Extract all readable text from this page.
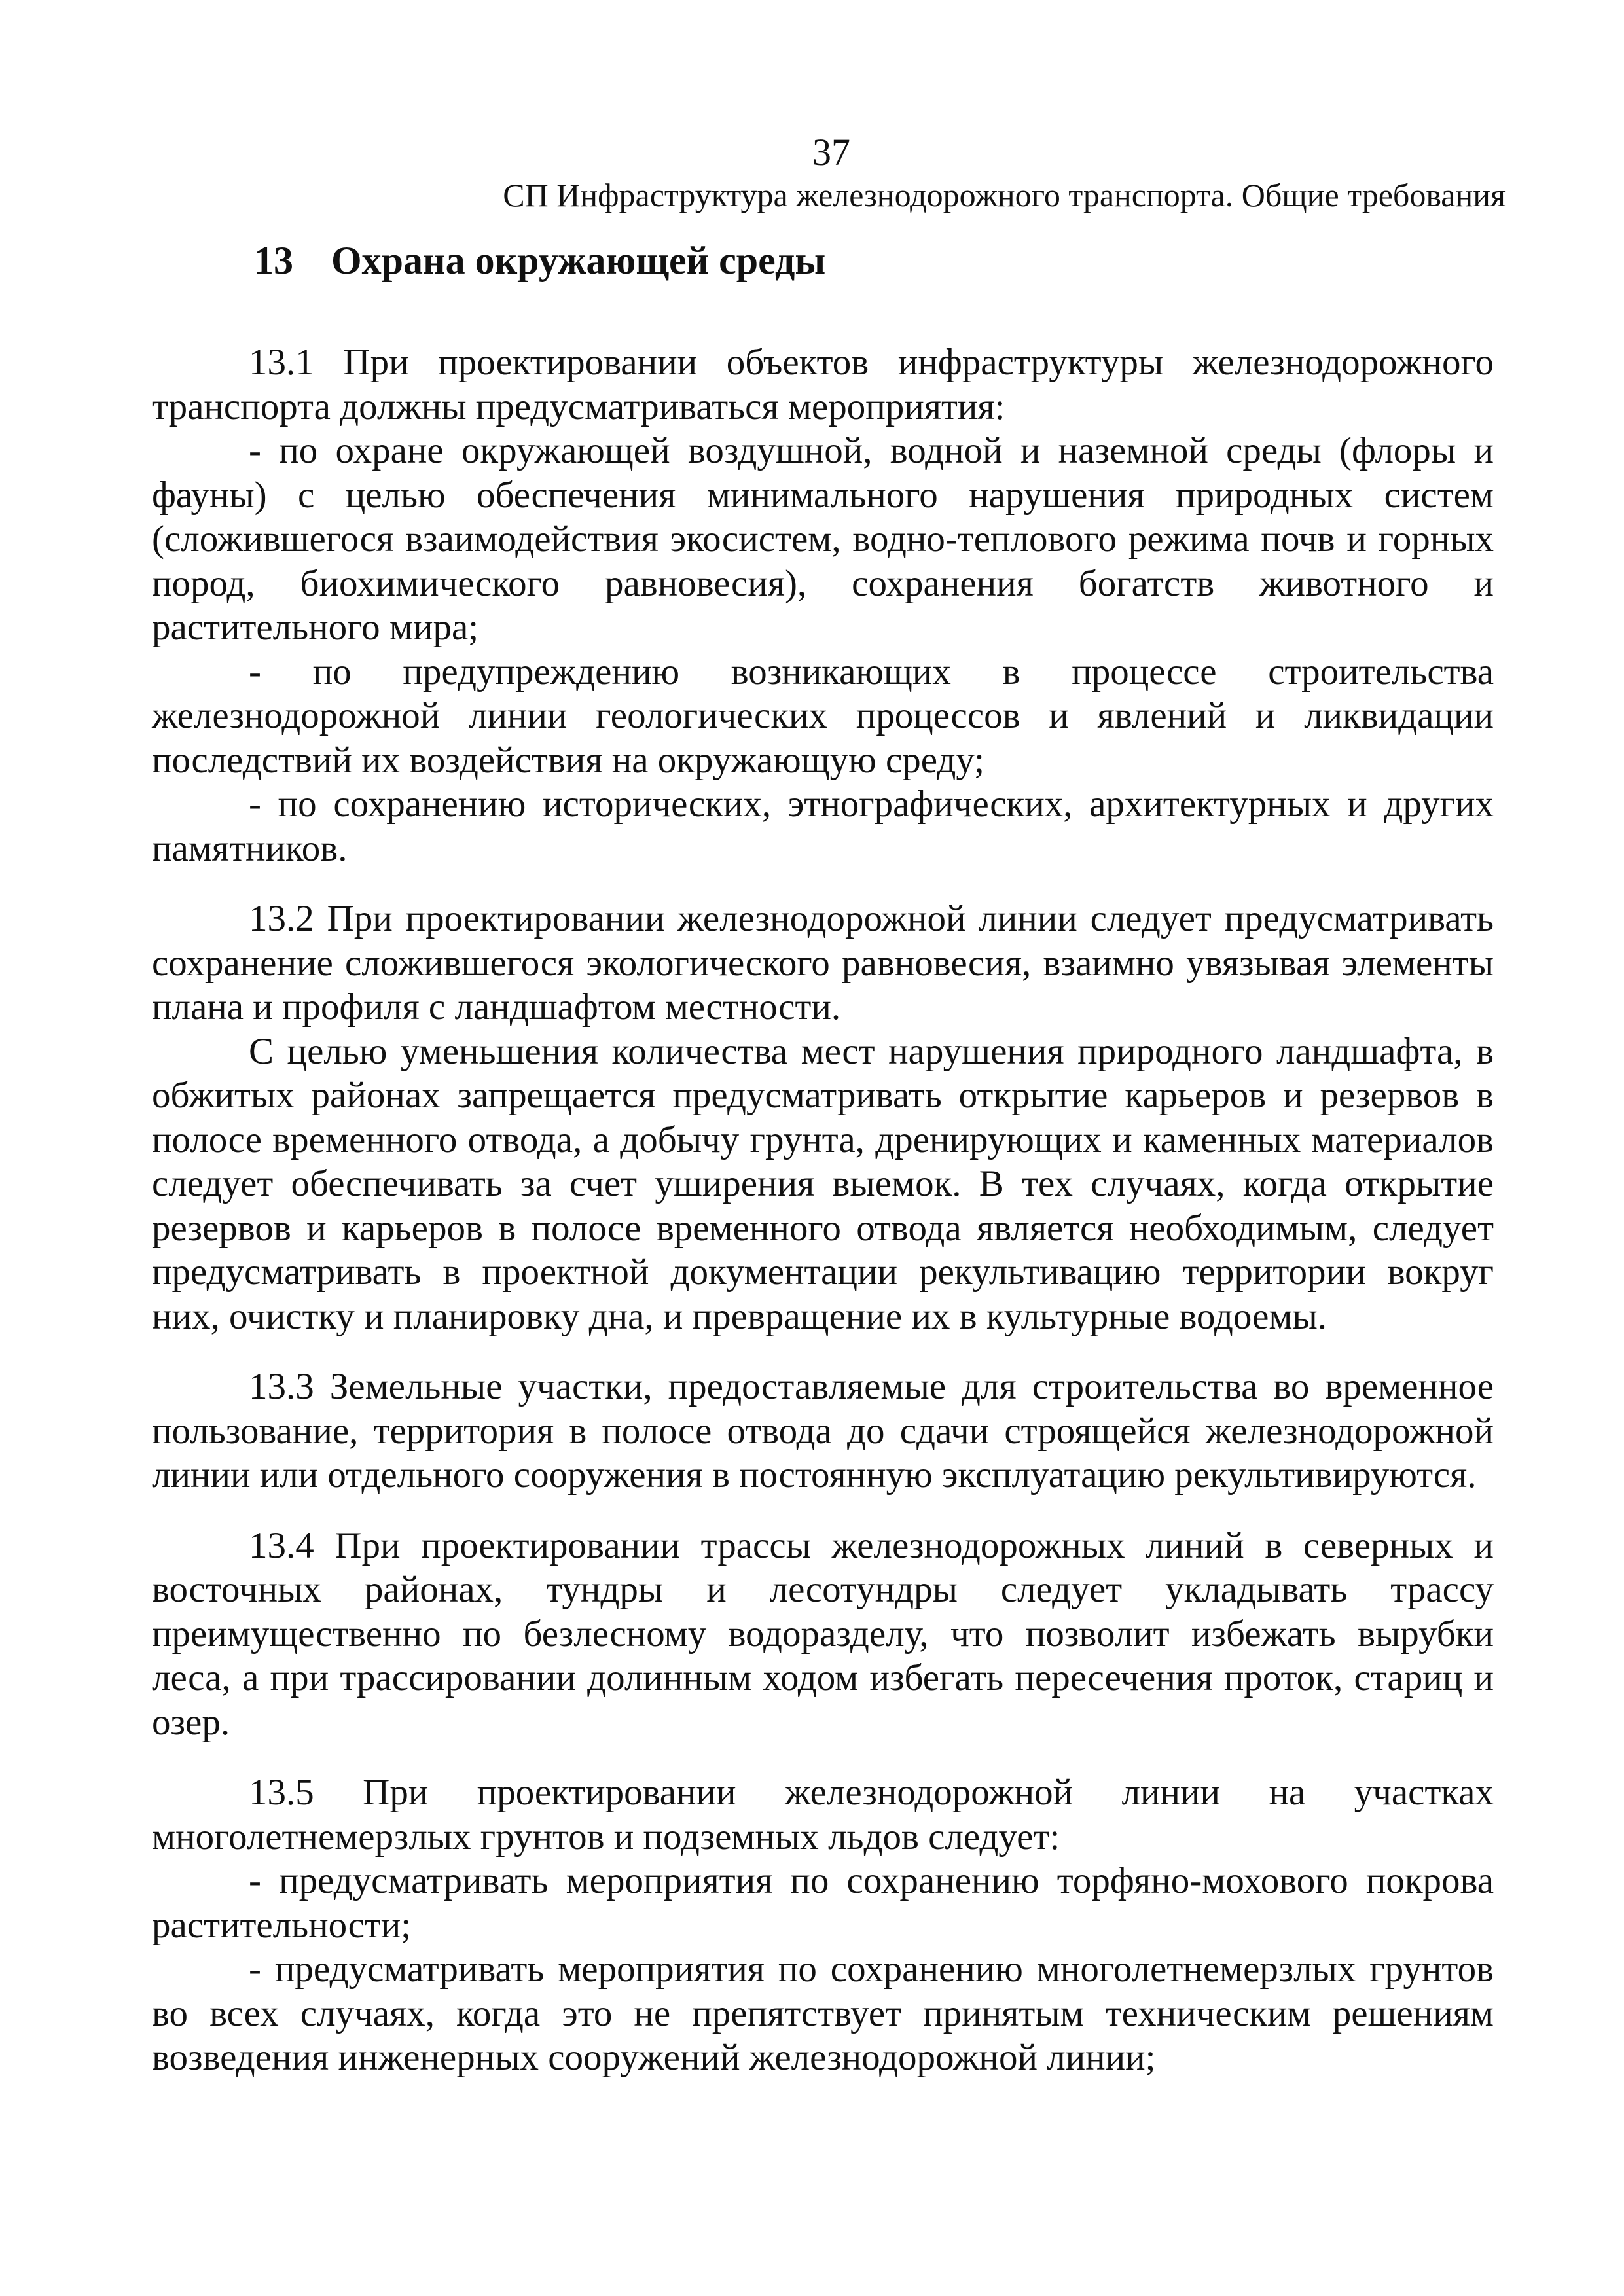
37
СП Инфраструктура железнодорожного транспорта. Общие требования
13 Охрана окружающей среды

13.1 При проектировании объектов инфраструктуры железнодорожного транспорта должны предусматриваться мероприятия:

- по охране окружающей воздушной, водной и наземной среды (флоры и фауны) с целью обеспечения минимального нарушения природных систем (сложившегося взаимодействия экосистем, водно-теплового режима почв и горных пород, биохимического равновесия), сохранения богатств животного и растительного мира;

- по предупреждению возникающих в процессе строительства железнодорожной линии геологических процессов и явлений и ликвидации последствий их воздействия на окружающую среду;

- по сохранению исторических, этнографических, архитектурных и других памятников.

13.2 При проектировании железнодорожной линии следует предусматривать сохранение сложившегося экологического равновесия, взаимно увязывая элементы плана и профиля с ландшафтом местности.

С целью уменьшения количества мест нарушения природного ландшафта, в обжитых районах запрещается предусматривать открытие карьеров и резервов в полосе временного отвода, а добычу грунта, дренирующих и каменных материалов следует обеспечивать за счет уширения выемок. В тех случаях, когда открытие резервов и карьеров в полосе временного отвода является необходимым, следует предусматривать в проектной документации рекультивацию территории вокруг них, очистку и планировку дна, и превращение их в культурные водоемы.

13.3 Земельные участки, предоставляемые для строительства во временное пользование, территория в полосе отвода до сдачи строящейся железнодорожной линии или отдельного сооружения в постоянную эксплуатацию рекультивируются.

13.4 При проектировании трассы железнодорожных линий в северных и восточных районах, тундры и лесотундры следует укладывать трассу преимущественно по безлесному водоразделу, что позволит избежать вырубки леса, а при трассировании долинным ходом избегать пересечения проток, стариц и озер.

13.5 При проектировании железнодорожной линии на участках многолетнемерзлых грунтов и подземных льдов следует:

- предусматривать мероприятия по сохранению торфяно-мохового покрова растительности;

- предусматривать мероприятия по сохранению многолетнемерзлых грунтов во всех случаях, когда это не препятствует принятым техническим решениям возведения инженерных сооружений железнодорожной линии;
